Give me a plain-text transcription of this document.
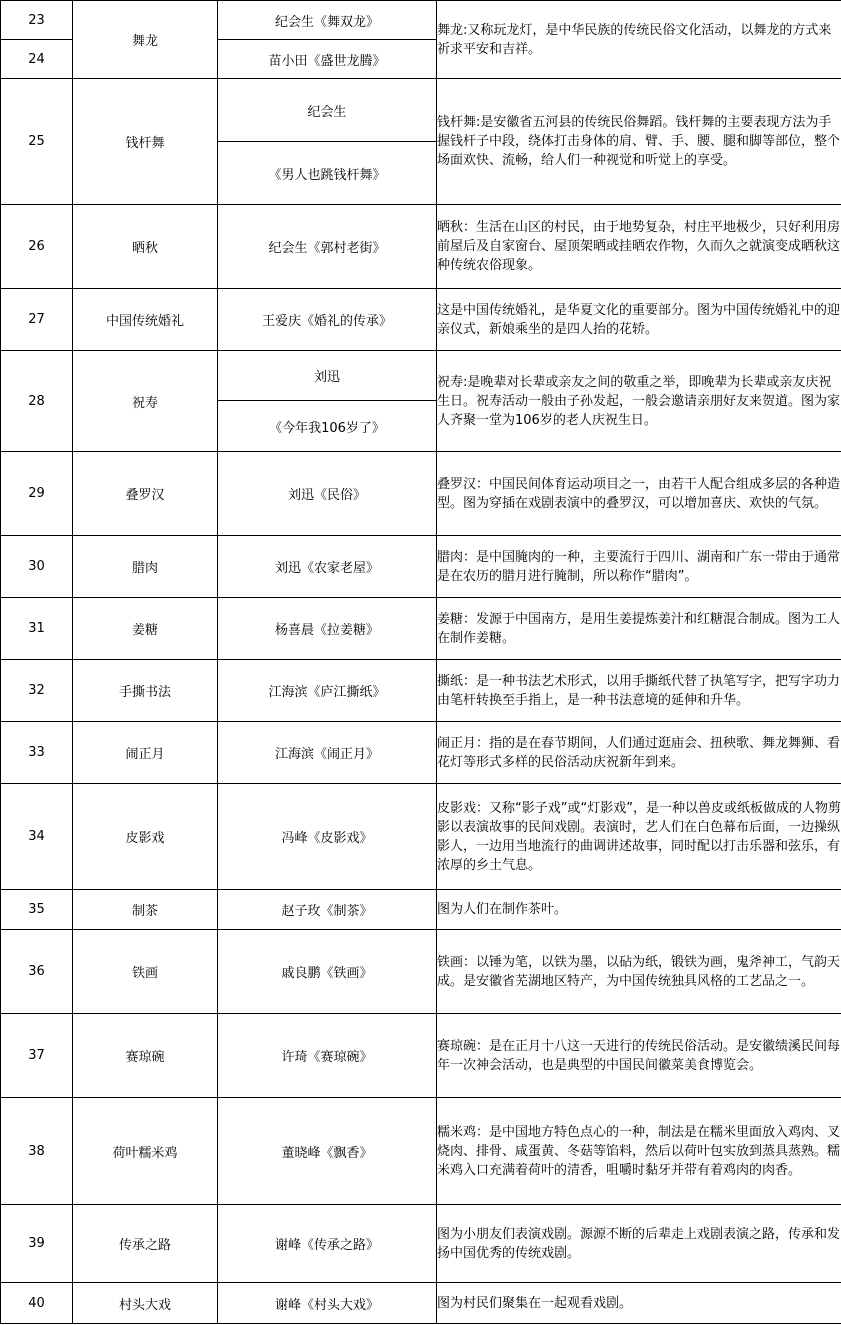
23	舞龙	纪会生《舞双龙》	舞龙:又称玩龙灯，是中华民族的传统民俗文化活动，以舞龙的方式来祈求平安和吉祥。
24		苗小田《盛世龙腾》	
25	钱杆舞	纪会生	钱杆舞:是安徽省五河县的传统民俗舞蹈。钱杆舞的主要表现方法为手握钱杆子中段，绕体打击身体的肩、臂、手、腰、腿和脚等部位，整个场面欢快、流畅，给人们一种视觉和听觉上的享受。
		《男人也跳钱杆舞》	
26	晒秋	纪会生《郭村老街》	晒秋：生活在山区的村民，由于地势复杂，村庄平地极少，只好利用房前屋后及自家窗台、屋顶架晒或挂晒农作物，久而久之就演变成晒秋这种传统农俗现象。
27	中国传统婚礼	王爱庆《婚礼的传承》	这是中国传统婚礼，是华夏文化的重要部分。图为中国传统婚礼中的迎亲仪式，新娘乘坐的是四人抬的花轿。
28	祝寿	刘迅	祝寿:是晚辈对长辈或亲友之间的敬重之举，即晚辈为长辈或亲友庆祝生日。祝寿活动一般由子孙发起，一般会邀请亲朋好友来贺道。图为家人齐聚一堂为106岁的老人庆祝生日。
		《今年我106岁了》	
29	叠罗汉	刘迅《民俗》	叠罗汉：中国民间体育运动项目之一，由若干人配合组成多层的各种造型。图为穿插在戏剧表演中的叠罗汉，可以增加喜庆、欢快的气氛。
30	腊肉	刘迅《农家老屋》	腊肉：是中国腌肉的一种，主要流行于四川、湖南和广东一带由于通常是在农历的腊月进行腌制，所以称作“腊肉”。
31	姜糖	杨喜晨《拉姜糖》	姜糖：发源于中国南方，是用生姜提炼姜汁和红糖混合制成。图为工人在制作姜糖。
32	手撕书法	江海滨《庐江撕纸》	撕纸：是一种书法艺术形式，以用手撕纸代替了执笔写字，把写字功力由笔杆转换至手指上，是一种书法意境的延伸和升华。
33	闹正月	江海滨《闹正月》	闹正月：指的是在春节期间，人们通过逛庙会、扭秧歌、舞龙舞狮、看花灯等形式多样的民俗活动庆祝新年到来。
34	皮影戏	冯峰《皮影戏》	皮影戏：又称“影子戏”或“灯影戏”，是一种以兽皮或纸板做成的人物剪影以表演故事的民间戏剧。表演时，艺人们在白色幕布后面，一边操纵影人，一边用当地流行的曲调讲述故事，同时配以打击乐器和弦乐，有浓厚的乡土气息。
35	制茶	赵子玫《制茶》	图为人们在制作茶叶。
36	铁画	戚良鹏《铁画》	铁画：以锤为笔，以铁为墨，以砧为纸，锻铁为画，鬼斧神工，气韵天成。是安徽省芜湖地区特产，为中国传统独具风格的工艺品之一。
37	赛琼碗	许琦《赛琼碗》	赛琼碗：是在正月十八这一天进行的传统民俗活动。是安徽绩溪民间每年一次神会活动，也是典型的中国民间徽菜美食博览会。
38	荷叶糯米鸡	董晓峰《飘香》	糯米鸡：是中国地方特色点心的一种，制法是在糯米里面放入鸡肉、叉烧肉、排骨、咸蛋黄、冬菇等馅料，然后以荷叶包实放到蒸具蒸熟。糯米鸡入口充满着荷叶的清香，咀嚼时黏牙并带有着鸡肉的肉香。
39	传承之路	谢峰《传承之路》	图为小朋友们表演戏剧。源源不断的后辈走上戏剧表演之路，传承和发扬中国优秀的传统戏剧。
40	村头大戏	谢峰《村头大戏》	图为村民们聚集在一起观看戏剧。
